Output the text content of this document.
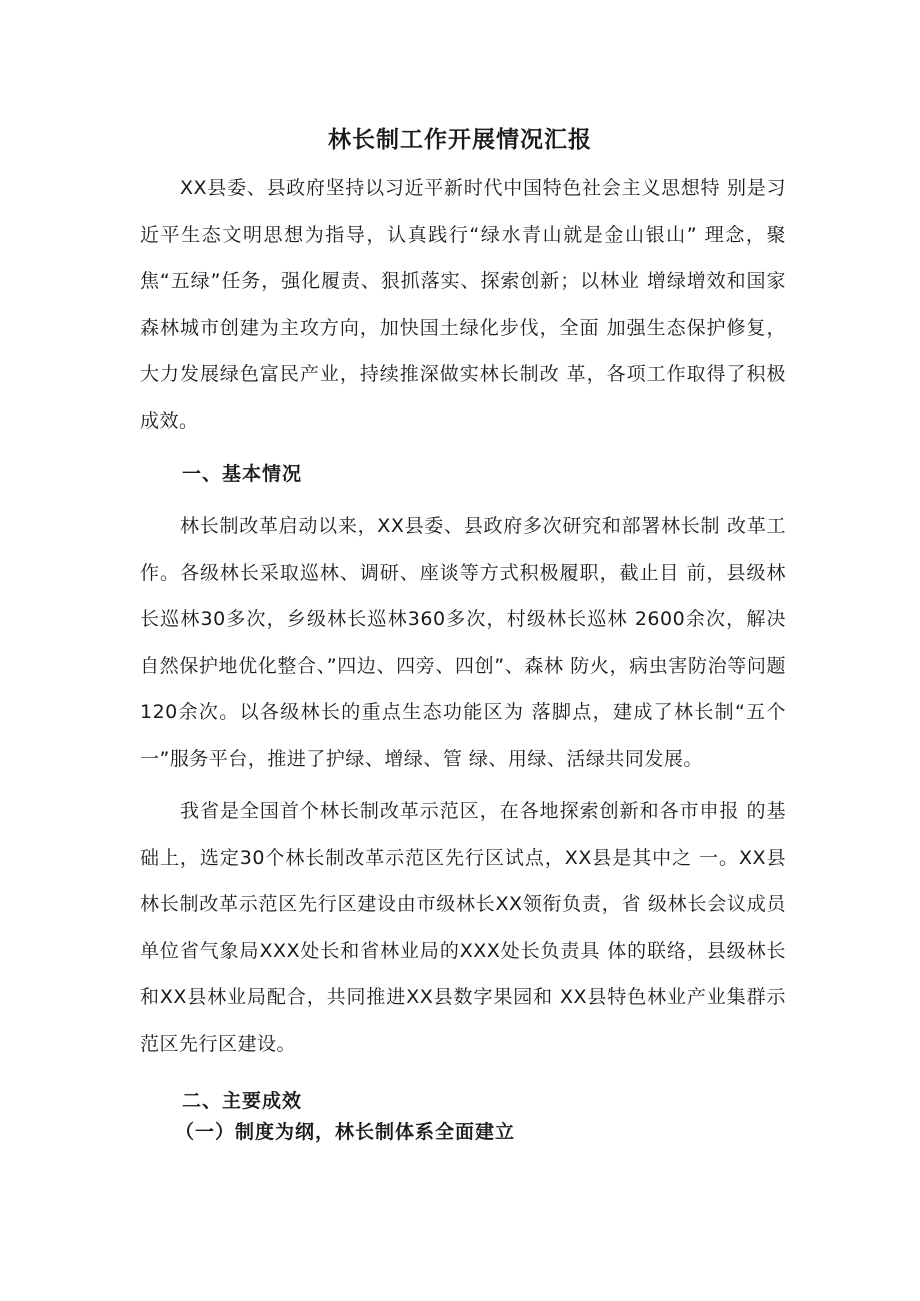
林长制工作开展情况汇报

XX县委、县政府坚持以习近平新时代中国特色社会主义思想特 别是习近平生态文明思想为指导，认真践行“绿水青山就是金山银山” 理念，聚焦“五绿”任务，强化履责、狠抓落实、探索创新；以林业 增绿增效和国家森林城市创建为主攻方向，加快国土绿化步伐，全面 加强生态保护修复，大力发展绿色富民产业，持续推深做实林长制改 革，各项工作取得了积极成效。

一、基本情况

林长制改革启动以来，XX县委、县政府多次研究和部署林长制 改革工作。各级林长采取巡林、调研、座谈等方式积极履职，截止目 前，县级林长巡林30多次，乡级林长巡林360多次，村级林长巡林 2600余次，解决自然保护地优化整合、”四边、四旁、四创”、森林 防火，病虫害防治等问题120余次。以各级林长的重点生态功能区为 落脚点，建成了林长制“五个一”服务平台，推进了护绿、增绿、管 绿、用绿、活绿共同发展。

我省是全国首个林长制改革示范区，在各地探索创新和各市申报 的基础上，选定30个林长制改革示范区先行区试点，XX县是其中之 一。XX县林长制改革示范区先行区建设由市级林长XX领衔负责，省 级林长会议成员单位省气象局XXX处长和省林业局的XXX处长负责具 体的联络，县级林长和XX县林业局配合，共同推进XX县数字果园和 XX县特色林业产业集群示范区先行区建设。

二、主要成效
（一）制度为纲，林长制体系全面建立
